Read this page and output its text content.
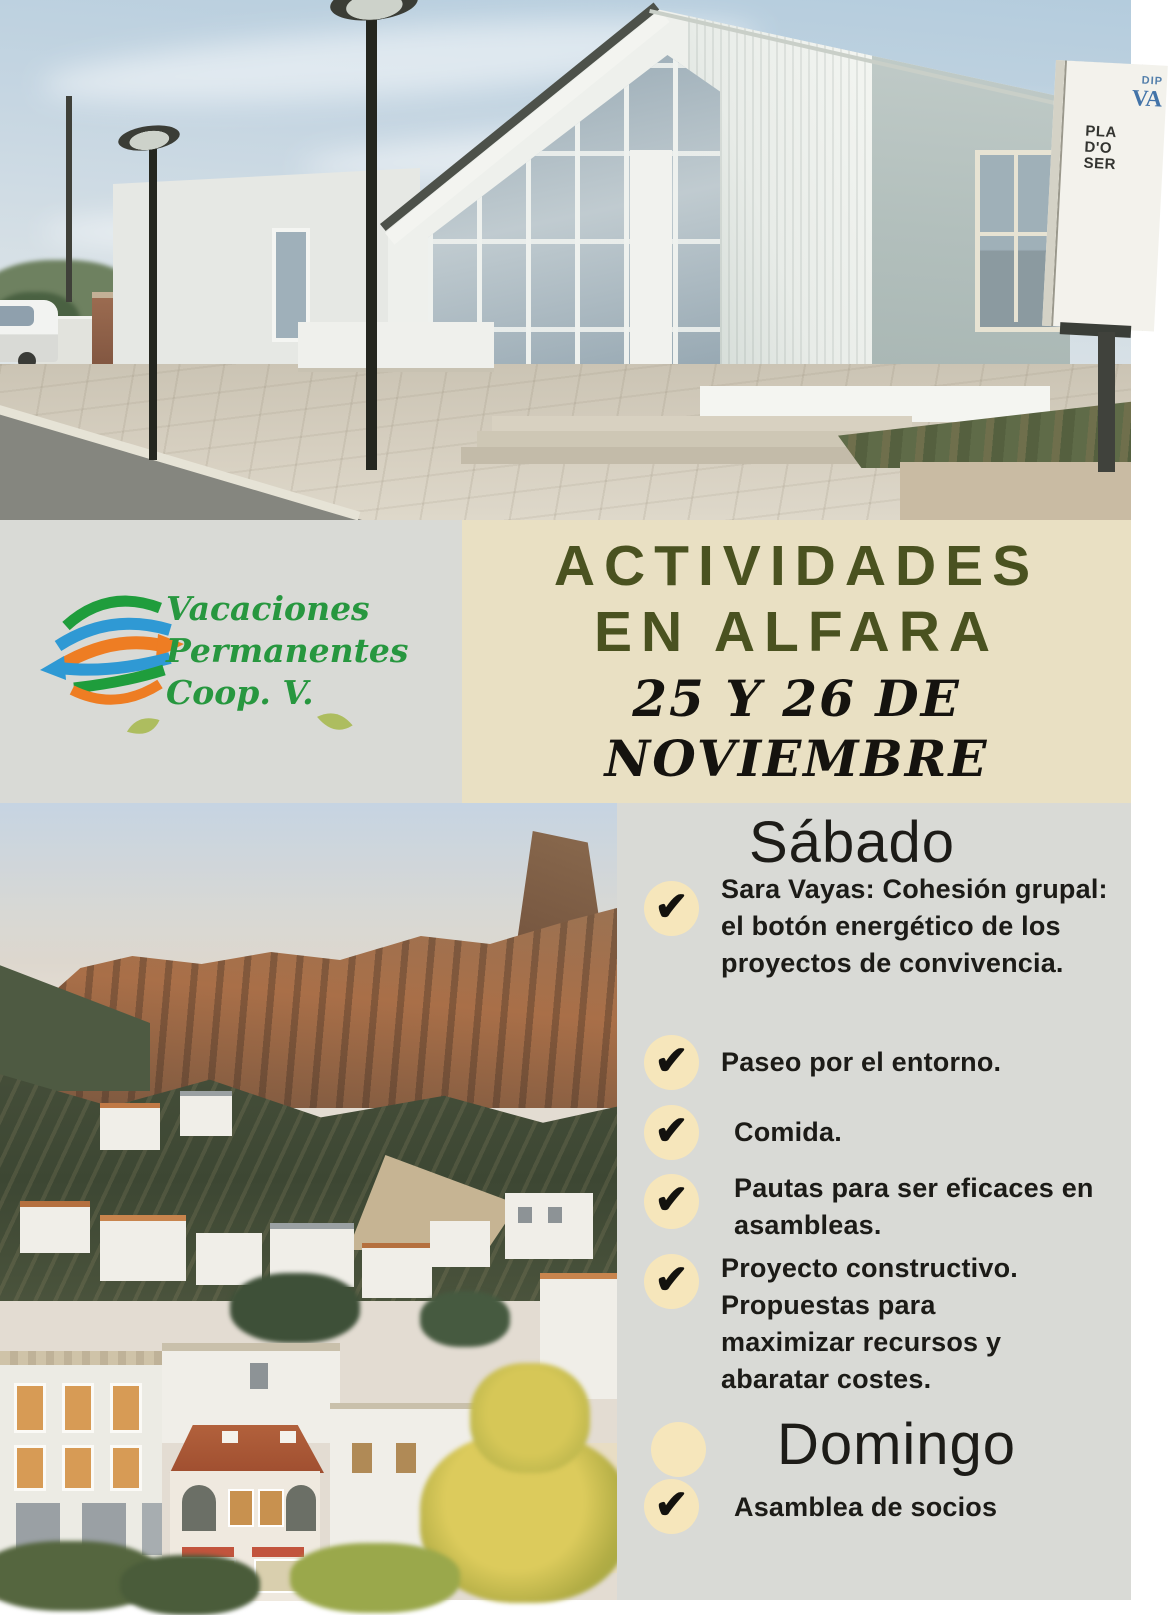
DIP
VA
PLA
D'O
SER
Vacaciones
Permanentes
Coop. V.
ACTIVIDADES
EN ALFARA
25 Y 26 DE
NOVIEMBRE
Sábado
✔ Sara Vayas: Cohesión grupal: el botón energético de los proyectos de convivencia.

✔ Paseo por el entorno.

✔ Comida.

✔ Pautas para ser eficaces en asambleas.

✔ Proyecto constructivo. Propuestas para maximizar recursos y abaratar costes.

Domingo
✔ Asamblea de socios
